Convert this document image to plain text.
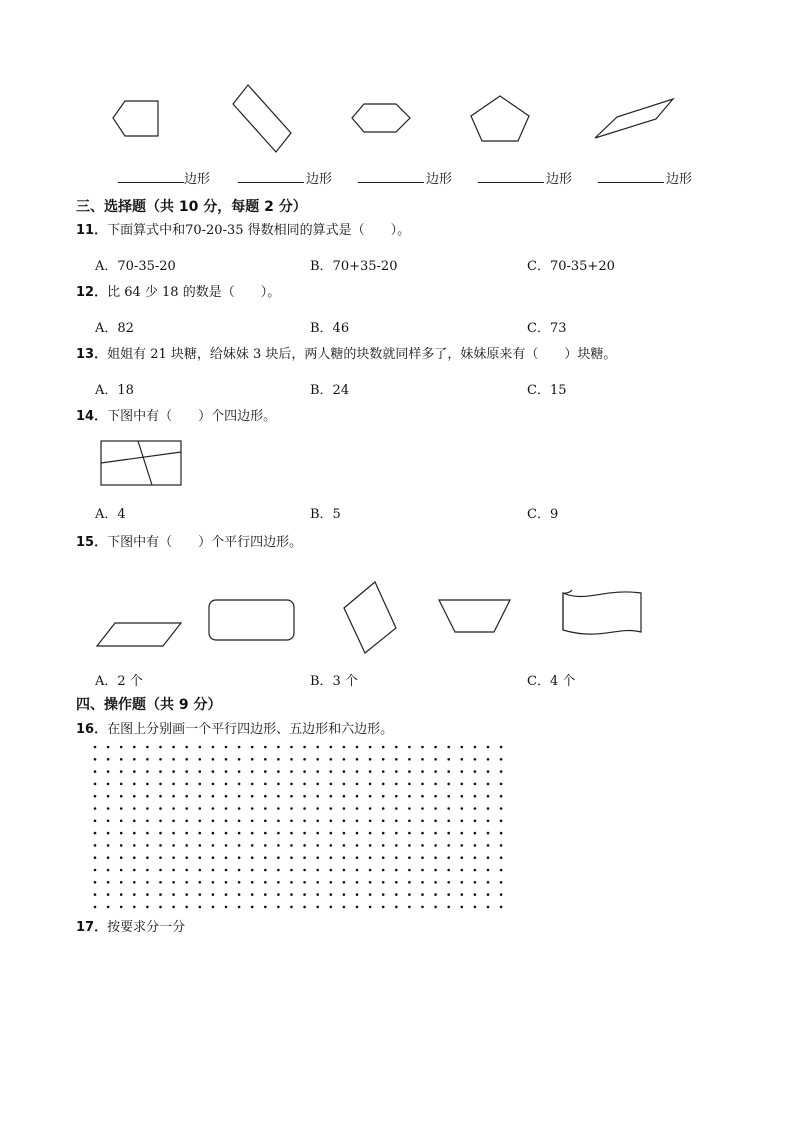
边形	边形	边形	边形	边形
三、选择题（共 10 分，每题 2 分）
11．下面算式中和70-20-35 得数相同的算式是（　　）。
A．70-35-20	B．70+35-20	C．70-35+20
12．比 64 少 18 的数是（　　）。
A．82	B．46	C．73
13．姐姐有 21 块糖，给妹妹 3 块后，两人糖的块数就同样多了，妹妹原来有（　　）块糖。
A．18	B．24	C．15
14．下图中有（　　）个四边形。
A．4	B．5	C．9
15．下图中有（　　）个平行四边形。
A．2 个	B．3 个	C．4 个
四、操作题（共 9 分）
16．在图上分别画一个平行四边形、五边形和六边形。
17．按要求分一分
